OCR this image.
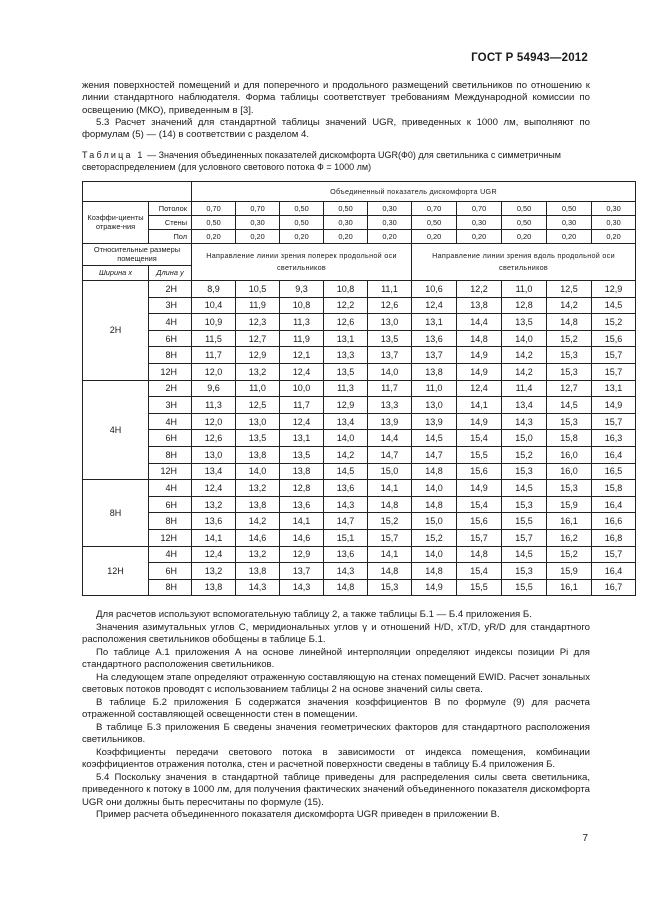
ГОСТ Р 54943—2012

жения поверхностей помещений и для поперечного и продольного размещений светильников по отношению к линии стандартного наблюдателя. Форма таблицы соответствует требованиям Международной комиссии по освещению (МКО), приведенным в [3].

5.3 Расчет значений для стандартной таблицы значений UGR, приведенных к 1000 лм, выполняют по формулам (5) — (14) в соответствии с разделом 4.

Таблица 1 — Значения объединенных показателей дискомфорта UGR(Ф0) для светильника с симметричным светораспределением (для условного светового потока Ф = 1000 лм)
		Объединенный показатель дискомфорта UGR									
Коэффи-циенты отраже-ния	Потолок	0,70	0,70	0,50	0,50	0,30	0,70	0,70	0,50	0,50	0,30
	Стены	0,50	0,30	0,50	0,30	0,30	0,50	0,30	0,50	0,30	0,30
	Пол	0,20	0,20	0,20	0,20	0,20	0,20	0,20	0,20	0,20	0,20
Относительные размеры помещения		Направление линии зрения поперек продольной оси светильников					Направление линии зрения вдоль продольной оси светильников				
Ширина x	Длина y										
2H	2H	8,9	10,5	9,3	10,8	11,1	10,6	12,2	11,0	12,5	12,9
	3H	10,4	11,9	10,8	12,2	12,6	12,4	13,8	12,8	14,2	14,5
	4H	10,9	12,3	11,3	12,6	13,0	13,1	14,4	13,5	14,8	15,2
	6H	11,5	12,7	11,9	13,1	13,5	13,6	14,8	14,0	15,2	15,6
	8H	11,7	12,9	12,1	13,3	13,7	13,7	14,9	14,2	15,3	15,7
	12H	12,0	13,2	12,4	13,5	14,0	13,8	14,9	14,2	15,3	15,7
4H	2H	9,6	11,0	10,0	11,3	11,7	11,0	12,4	11,4	12,7	13,1
	3H	11,3	12,5	11,7	12,9	13,3	13,0	14,1	13,4	14,5	14,9
	4H	12,0	13,0	12,4	13,4	13,9	13,9	14,9	14,3	15,3	15,7
	6H	12,6	13,5	13,1	14,0	14,4	14,5	15,4	15,0	15,8	16,3
	8H	13,0	13,8	13,5	14,2	14,7	14,7	15,5	15,2	16,0	16,4
	12H	13,4	14,0	13,8	14,5	15,0	14,8	15,6	15,3	16,0	16,5
8H	4H	12,4	13,2	12,8	13,6	14,1	14,0	14,9	14,5	15,3	15,8
	6H	13,2	13,8	13,6	14,3	14,8	14,8	15,4	15,3	15,9	16,4
	8H	13,6	14,2	14,1	14,7	15,2	15,0	15,6	15,5	16,1	16,6
	12H	14,1	14,6	14,6	15,1	15,7	15,2	15,7	15,7	16,2	16,8
12H	4H	12,4	13,2	12,9	13,6	14,1	14,0	14,8	14,5	15,2	15,7
	6H	13,2	13,8	13,7	14,3	14,8	14,8	15,4	15,3	15,9	16,4
	8H	13,8	14,3	14,3	14,8	15,3	14,9	15,5	15,5	16,1	16,7

Для расчетов используют вспомогательную таблицу 2, а также таблицы Б.1 — Б.4 приложения Б.

Значения азимутальных углов C, меридиональных углов γ и отношений H/D, xT/D, yR/D для стандартного расположения светильников обобщены в таблице Б.1.

По таблице А.1 приложения А на основе линейной интерполяции определяют индексы позиции Pi для стандартного расположения светильников.

На следующем этапе определяют отраженную составляющую на стенах помещений EWID. Расчет зональных световых потоков проводят с использованием таблицы 2 на основе значений силы света.

В таблице Б.2 приложения Б содержатся значения коэффициентов B по формуле (9) для расчета отраженной составляющей освещенности стен в помещении.

В таблице Б.3 приложения Б сведены значения геометрических факторов для стандартного расположения светильников.

Коэффициенты передачи светового потока в зависимости от индекса помещения, комбинации коэффициентов отражения потолка, стен и расчетной поверхности сведены в таблицу Б.4 приложения Б.

5.4 Поскольку значения в стандартной таблице приведены для распределения силы света светильника, приведенного к потоку в 1000 лм, для получения фактических значений объединенного показателя дискомфорта UGR они должны быть пересчитаны по формуле (15).

Пример расчета объединенного показателя дискомфорта UGR приведен в приложении В.

7
